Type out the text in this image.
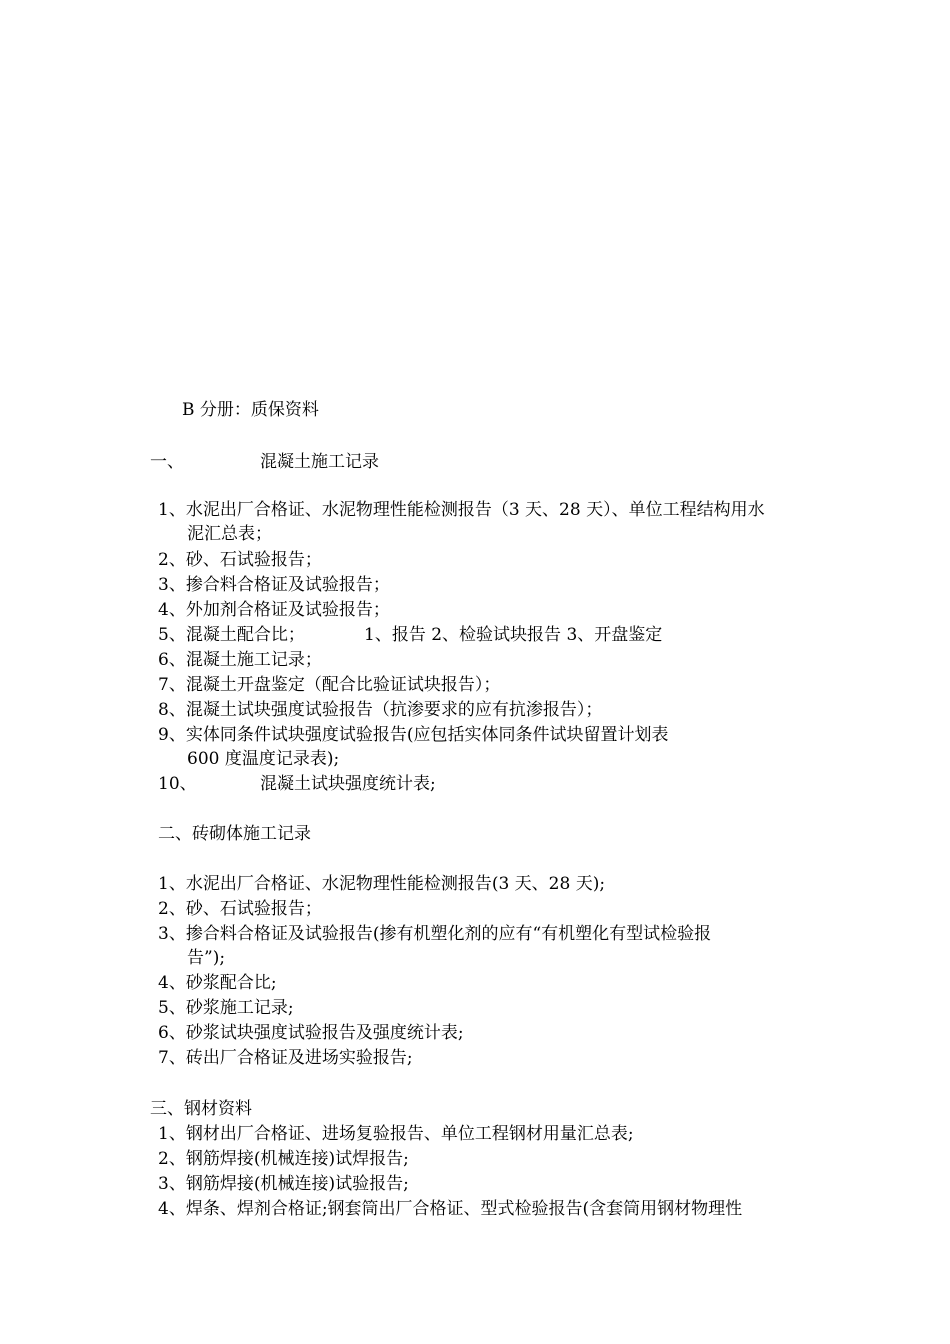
B 分册：质保资料
一、	混凝土施工记录
1、水泥出厂合格证、水泥物理性能检测报告（3 天、28 天）、单位工程结构用水
泥汇总表；
2、砂、石试验报告；
3、掺合料合格证及试验报告；
4、外加剂合格证及试验报告；
5、混凝土配合比；	1、报告 2、检验试块报告 3、开盘鉴定
6、混凝土施工记录；
7、混凝土开盘鉴定（配合比验证试块报告）；
8、混凝土试块强度试验报告（抗渗要求的应有抗渗报告）；
9、实体同条件试块强度试验报告(应包括实体同条件试块留置计划表
600 度温度记录表);
10、	混凝土试块强度统计表;
二、砖砌体施工记录
1、水泥出厂合格证、水泥物理性能检测报告(3 天、28 天);
2、砂、石试验报告；
3、掺合料合格证及试验报告(掺有机塑化剂的应有“有机塑化有型试检验报
告”);
4、砂浆配合比;
5、砂浆施工记录;
6、砂浆试块强度试验报告及强度统计表;
7、砖出厂合格证及进场实验报告;
三、钢材资料
1、钢材出厂合格证、进场复验报告、单位工程钢材用量汇总表;
2、钢筋焊接(机械连接)试焊报告;
3、钢筋焊接(机械连接)试验报告;
4、焊条、焊剂合格证;钢套筒出厂合格证、型式检验报告(含套筒用钢材物理性
